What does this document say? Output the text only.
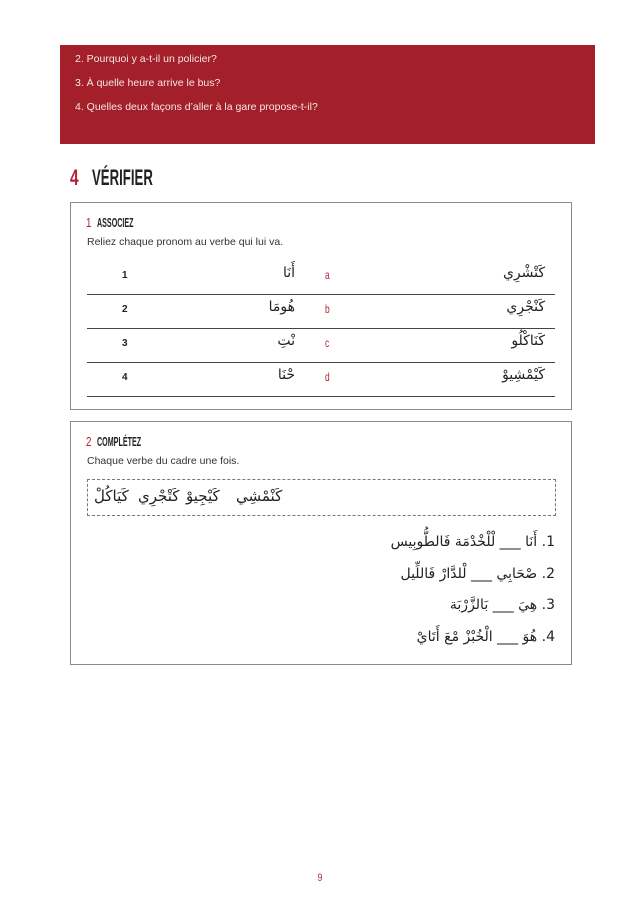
2. Pourquoi y a-t-il un policier?
3. À quelle heure arrive le bus?
4. Quelles deux façons d’aller à la gare propose-t-il?
4 VÉRIFIER
1 ASSOCIEZ
Reliez chaque pronom au verbe qui lui va.
1	أَنَا	a	كَتْشْرِي
2	هُومَا	b	كَنْجْرِي
3	نْتِ	c	كَنَاكْلُو
4	حْنَا	d	كَيْمْشِيوْ
2 COMPLÉTEZ
Chaque verbe du cadre une fois.
كَنْمْشِي
كَيْجِيوْ
كَتْجْرِي
كَيَاكُلْ
1. أَنَا ___ لْلْخْدْمَة فَالطُّوبِيس
2. صْحَابِي ___ لْلدَّارْ فَاللِّيل
3. هِيَ ___ بَالزَّرْبَة
4. هُوَ ___ الْخُبْزْ مْعَ أَتَايْ
9
